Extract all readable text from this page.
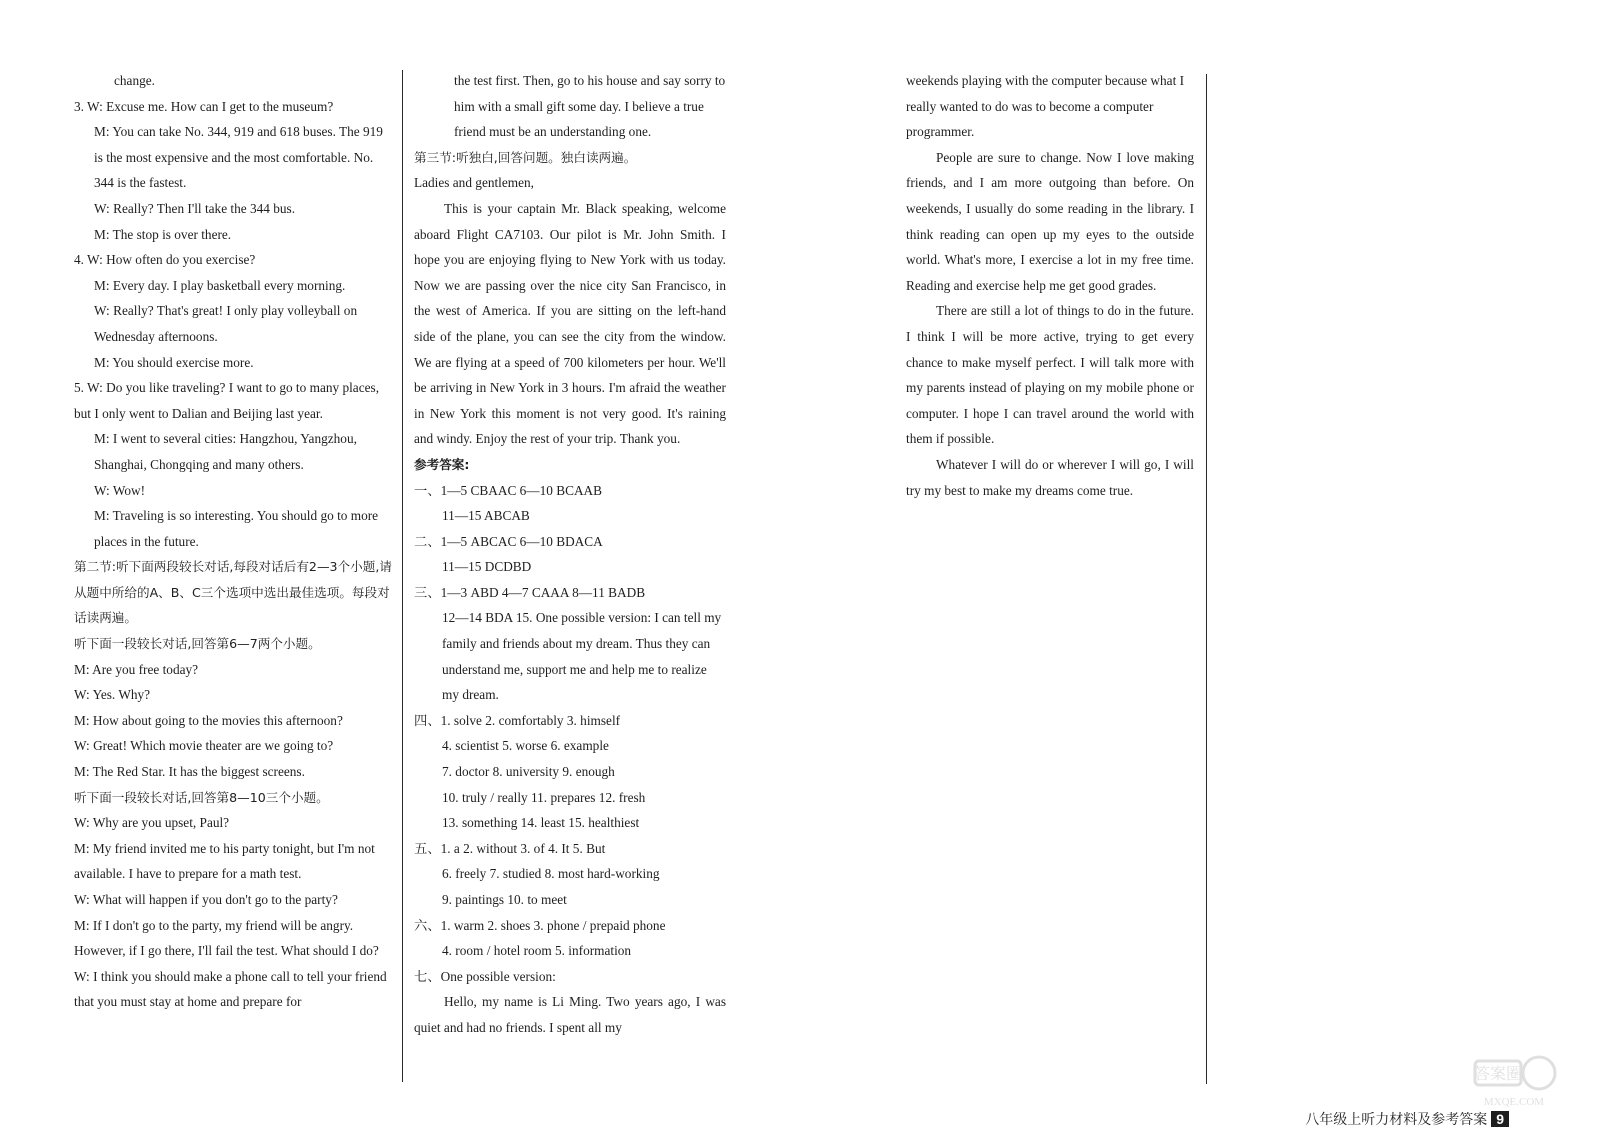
change.

3. W: Excuse me. How can I get to the museum?

M: You can take No. 344, 919 and 618 buses. The 919 is the most expensive and the most comfortable. No. 344 is the fastest.

W: Really? Then I'll take the 344 bus.

M: The stop is over there.

4. W: How often do you exercise?

M: Every day. I play basketball every morning.

W: Really? That's great! I only play volleyball on Wednesday afternoons.

M: You should exercise more.

5. W: Do you like traveling? I want to go to many places, but I only went to Dalian and Beijing last year.

M: I went to several cities: Hangzhou, Yangzhou, Shanghai, Chongqing and many others.

W: Wow!

M: Traveling is so interesting. You should go to more places in the future.

第二节:听下面两段较长对话,每段对话后有2—3个小题,请从题中所给的A、B、C三个选项中选出最佳选项。每段对话读两遍。

听下面一段较长对话,回答第6—7两个小题。

M: Are you free today?

W: Yes. Why?

M: How about going to the movies this afternoon?

W: Great! Which movie theater are we going to?

M: The Red Star. It has the biggest screens.

听下面一段较长对话,回答第8—10三个小题。

W: Why are you upset, Paul?

M: My friend invited me to his party tonight, but I'm not available. I have to prepare for a math test.

W: What will happen if you don't go to the party?

M: If I don't go to the party, my friend will be angry. However, if I go there, I'll fail the test. What should I do?

W: I think you should make a phone call to tell your friend that you must stay at home and prepare for

the test first. Then, go to his house and say sorry to him with a small gift some day. I believe a true friend must be an understanding one.

第三节:听独白,回答问题。独白读两遍。

Ladies and gentlemen,

This is your captain Mr. Black speaking, welcome aboard Flight CA7103. Our pilot is Mr. John Smith. I hope you are enjoying flying to New York with us today. Now we are passing over the nice city San Francisco, in the west of America. If you are sitting on the left-hand side of the plane, you can see the city from the window. We are flying at a speed of 700 kilometers per hour. We'll be arriving in New York in 3 hours. I'm afraid the weather in New York this moment is not very good. It's raining and windy. Enjoy the rest of your trip. Thank you.

参考答案:

一、1—5 CBAAC 6—10 BCAAB

11—15 ABCAB

二、1—5 ABCAC 6—10 BDACA

11—15 DCDBD

三、1—3 ABD 4—7 CAAA 8—11 BADB

12—14 BDA 15. One possible version: I can tell my family and friends about my dream. Thus they can understand me, support me and help me to realize my dream.

四、1. solve 2. comfortably 3. himself

4. scientist 5. worse 6. example

7. doctor 8. university 9. enough

10. truly / really 11. prepares 12. fresh

13. something 14. least 15. healthiest

五、1. a 2. without 3. of 4. It 5. But

6. freely 7. studied 8. most hard-working

9. paintings 10. to meet

六、1. warm 2. shoes 3. phone / prepaid phone

4. room / hotel room 5. information

七、One possible version:

Hello, my name is Li Ming. Two years ago, I was quiet and had no friends. I spent all my

weekends playing with the computer because what I really wanted to do was to become a computer programmer.

People are sure to change. Now I love making friends, and I am more outgoing than before. On weekends, I usually do some reading in the library. I think reading can open up my eyes to the outside world. What's more, I exercise a lot in my free time. Reading and exercise help me get good grades.

There are still a lot of things to do in the future. I think I will be more active, trying to get every chance to make myself perfect. I will talk more with my parents instead of playing on my mobile phone or computer. I hope I can travel around the world with them if possible.

Whatever I will do or wherever I will go, I will try my best to make my dreams come true.

八年级上听力材料及参考答案 9
答案圈
MXQE.COM
